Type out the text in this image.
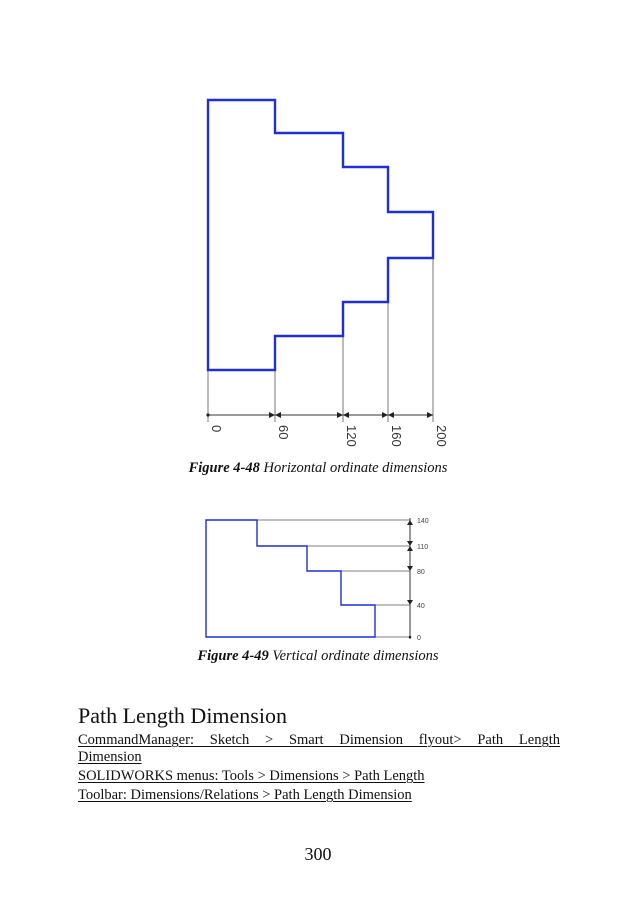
0	60	120 160 200
Figure 4-48 Horizontal ordinate dimensions
140
110
80
40
0
Figure 4-49 Vertical ordinate dimensions
Path Length Dimension
CommandManager: Sketch > Smart Dimension flyout> Path Length
Dimension
SOLIDWORKS menus: Tools > Dimensions > Path Length
Toolbar: Dimensions/Relations > Path Length Dimension
300
